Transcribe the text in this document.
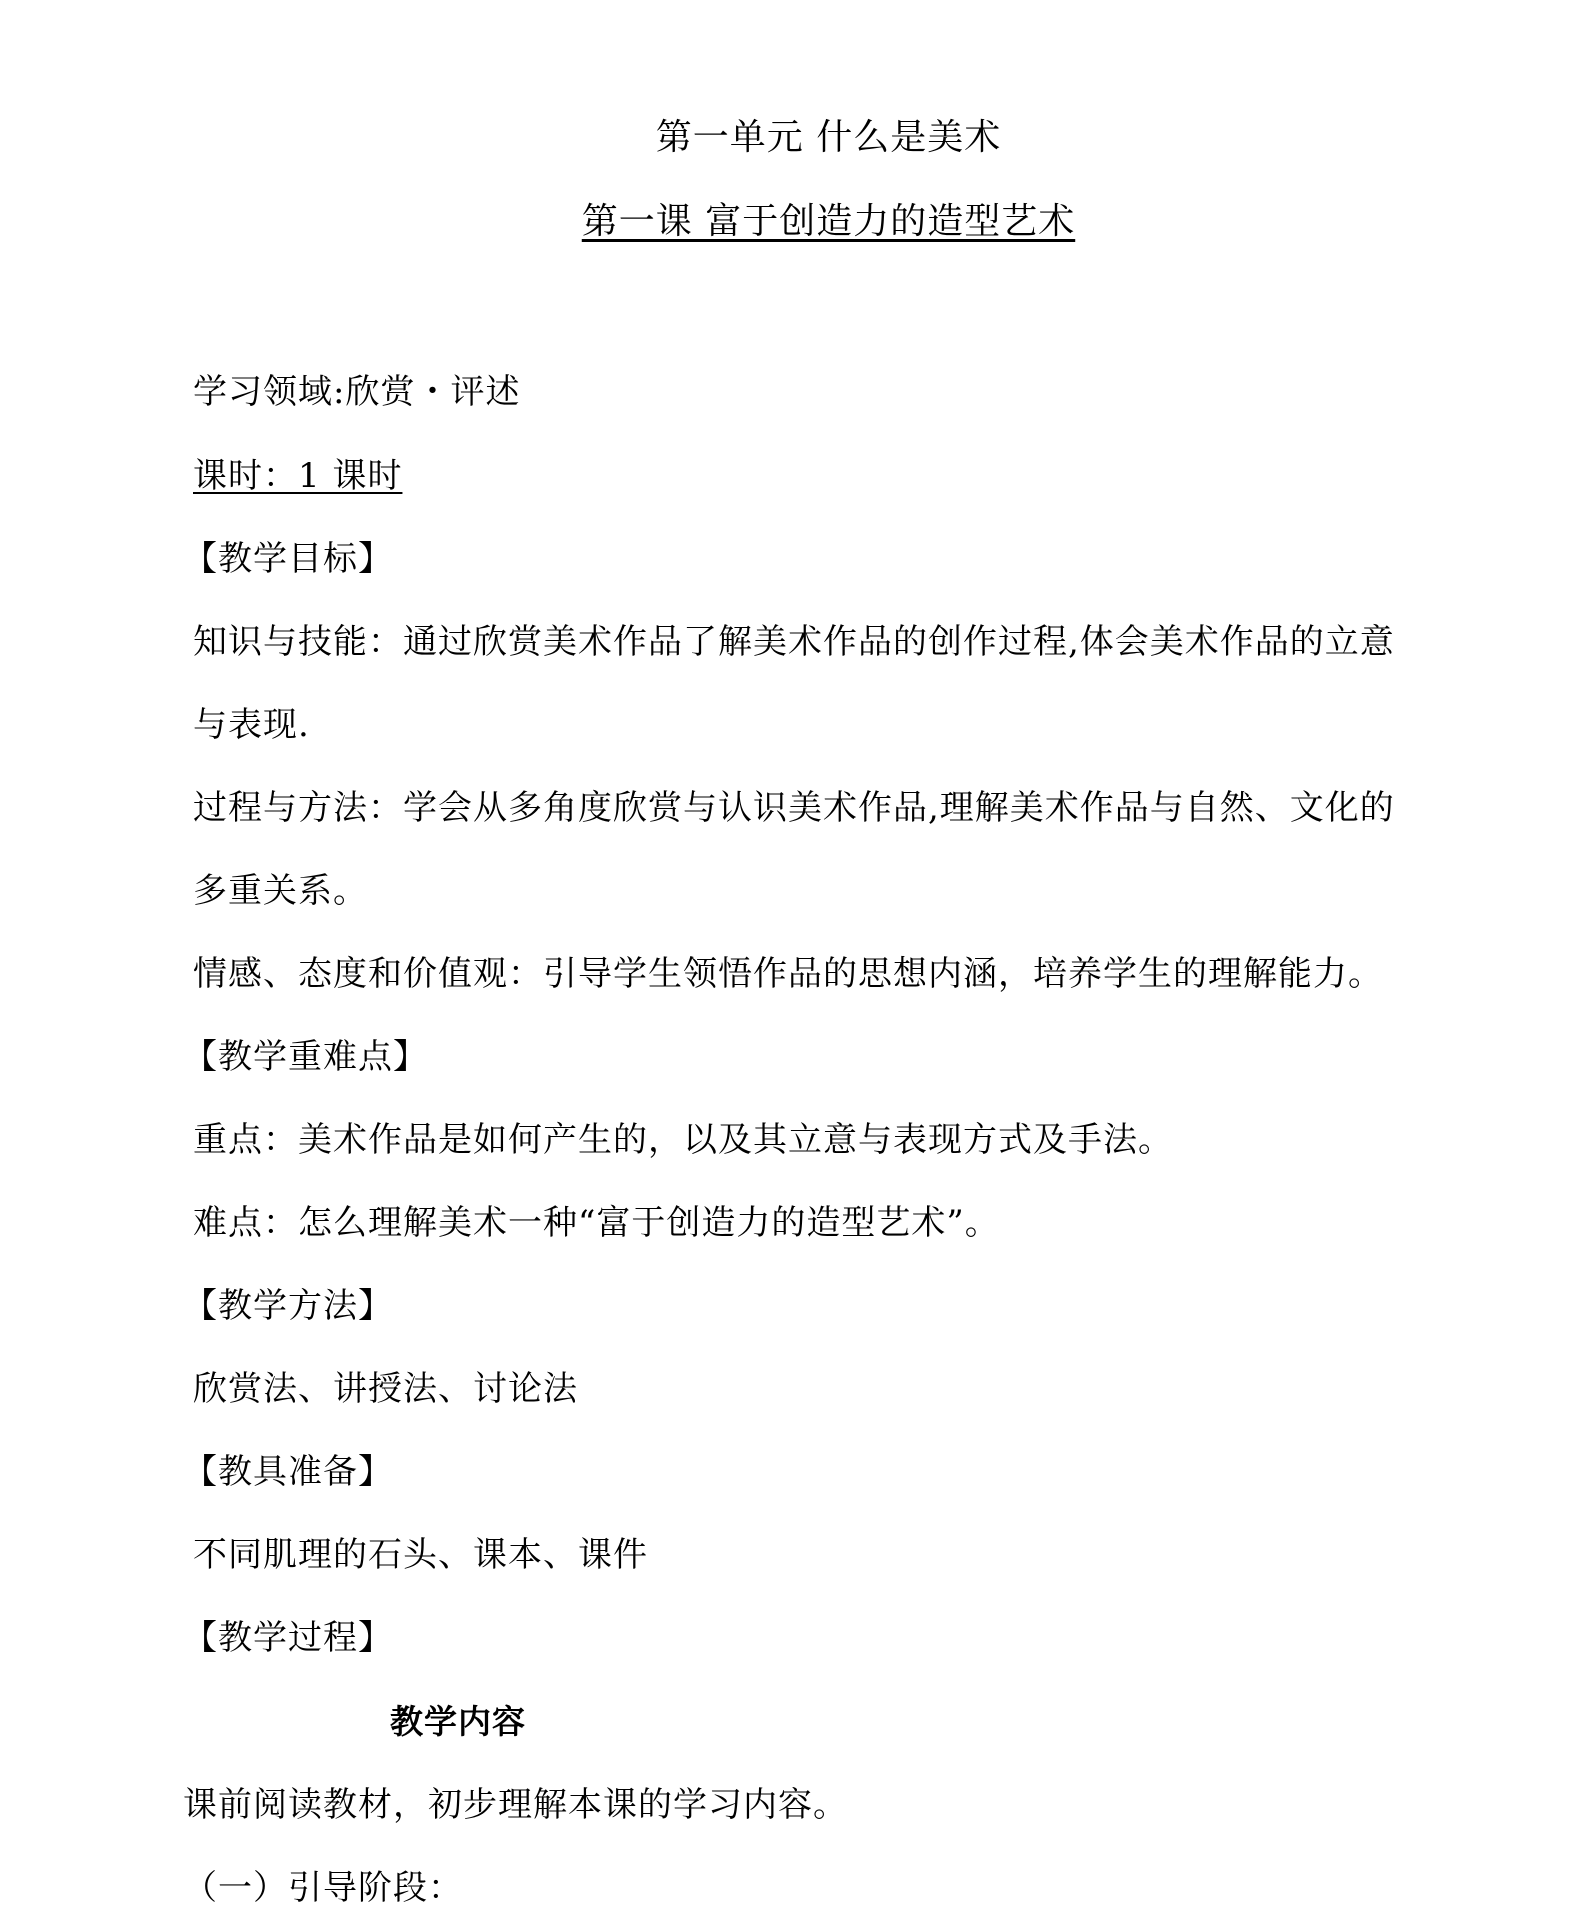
第一单元 什么是美术
第一课 富于创造力的造型艺术
学习领域:欣赏・评述
课时：1 课时
【教学目标】
知识与技能：通过欣赏美术作品了解美术作品的创作过程,体会美术作品的立意
与表现.
过程与方法：学会从多角度欣赏与认识美术作品,理解美术作品与自然、文化的
多重关系。
情感、态度和价值观：引导学生领悟作品的思想内涵，培养学生的理解能力。
【教学重难点】
重点：美术作品是如何产生的，以及其立意与表现方式及手法。
难点：怎么理解美术一种“富于创造力的造型艺术”。
【教学方法】
欣赏法、讲授法、讨论法
【教具准备】
不同肌理的石头、课本、课件
【教学过程】
教学内容
课前阅读教材，初步理解本课的学习内容。
（一）引导阶段：
